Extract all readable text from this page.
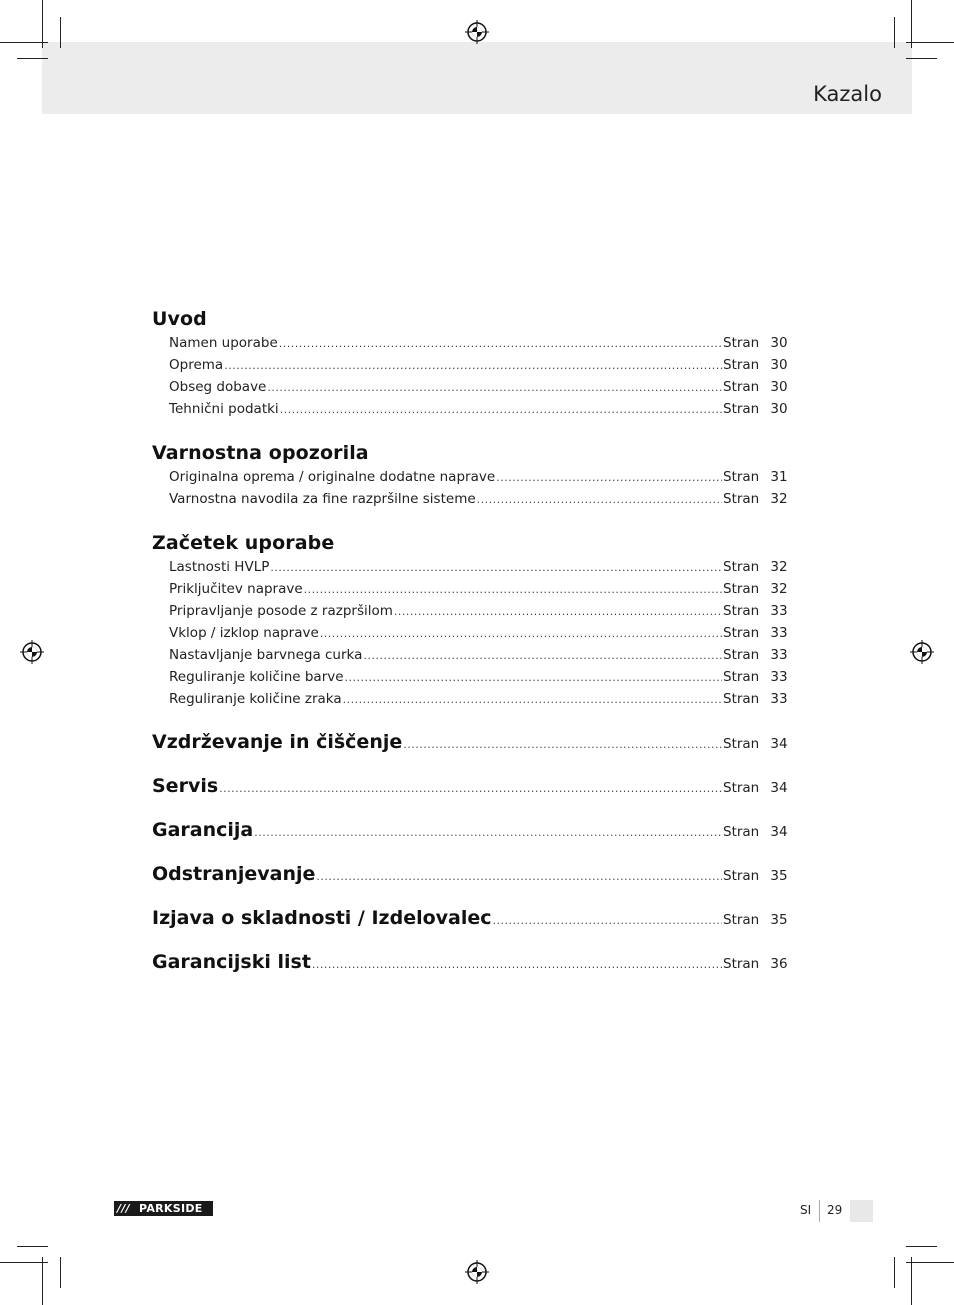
Kazalo
Uvod
Namen uporabe .....	Stran 30
Oprema .....	Stran 30
Obseg dobave .....	Stran 30
Tehnični podatki .....	Stran 30
Varnostna opozorila
Originalna oprema / originalne dodatne naprave .....	Stran 31
Varnostna navodila za fine razpršilne sisteme .....	Stran 32
Začetek uporabe
Lastnosti HVLP .....	Stran 32
Priključitev naprave .....	Stran 32
Pripravljanje posode z razpršilom .....	Stran 33
Vklop / izklop naprave .....	Stran 33
Nastavljanje barvnega curka .....	Stran 33
Reguliranje količine barve .....	Stran 33
Reguliranje količine zraka .....	Stran 33
Vzdrževanje in čiščenje .....	Stran 34
Servis .....	Stran 34
Garancija .....	Stran 34
Odstranjevanje .....	Stran 35
Izjava o skladnosti / Izdelovalec .....	Stran 35
Garancijski list .....	Stran 36
/// PARKSIDE	SI 29
